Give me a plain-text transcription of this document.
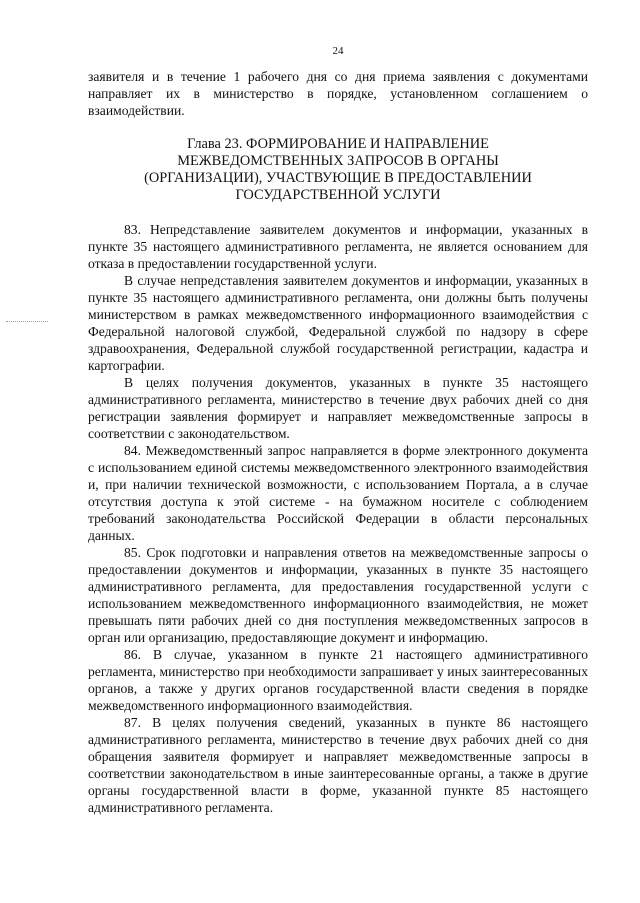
24

заявителя и в течение 1 рабочего дня со дня приема заявления с документами направляет их в министерство в порядке, установленном соглашением о взаимодействии.

Глава 23. ФОРМИРОВАНИЕ И НАПРАВЛЕНИЕ
МЕЖВЕДОМСТВЕННЫХ ЗАПРОСОВ В ОРГАНЫ
(ОРГАНИЗАЦИИ), УЧАСТВУЮЩИЕ В ПРЕДОСТАВЛЕНИИ
ГОСУДАРСТВЕННОЙ УСЛУГИ

83. Непредставление заявителем документов и информации, указанных в пункте 35 настоящего административного регламента, не является основанием для отказа в предоставлении государственной услуги.

В случае непредставления заявителем документов и информации, указанных в пункте 35 настоящего административного регламента, они должны быть получены министерством в рамках межведомственного информационного взаимодействия с Федеральной налоговой службой, Федеральной службой по надзору в сфере здравоохранения, Федеральной службой государственной регистрации, кадастра и картографии.

В целях получения документов, указанных в пункте 35 настоящего административного регламента, министерство в течение двух рабочих дней со дня регистрации заявления формирует и направляет межведомственные запросы в соответствии с законодательством.

84. Межведомственный запрос направляется в форме электронного документа с использованием единой системы межведомственного электронного взаимодействия и, при наличии технической возможности, с использованием Портала, а в случае отсутствия доступа к этой системе - на бумажном носителе с соблюдением требований законодательства Российской Федерации в области персональных данных.

85. Срок подготовки и направления ответов на межведомственные запросы о предоставлении документов и информации, указанных в пункте 35 настоящего административного регламента, для предоставления государственной услуги с использованием межведомственного информационного взаимодействия, не может превышать пяти рабочих дней со дня поступления межведомственных запросов в орган или организацию, предоставляющие документ и информацию.

86. В случае, указанном в пункте 21 настоящего административного регламента, министерство при необходимости запрашивает у иных заинтересованных органов, а также у других органов государственной власти сведения в порядке межведомственного информационного взаимодействия.

87. В целях получения сведений, указанных в пункте 86 настоящего административного регламента, министерство в течение двух рабочих дней со дня обращения заявителя формирует и направляет межведомственные запросы в соответствии законодательством в иные заинтересованные органы, а также в другие органы государственной власти в форме, указанной пункте 85 настоящего административного регламента.
